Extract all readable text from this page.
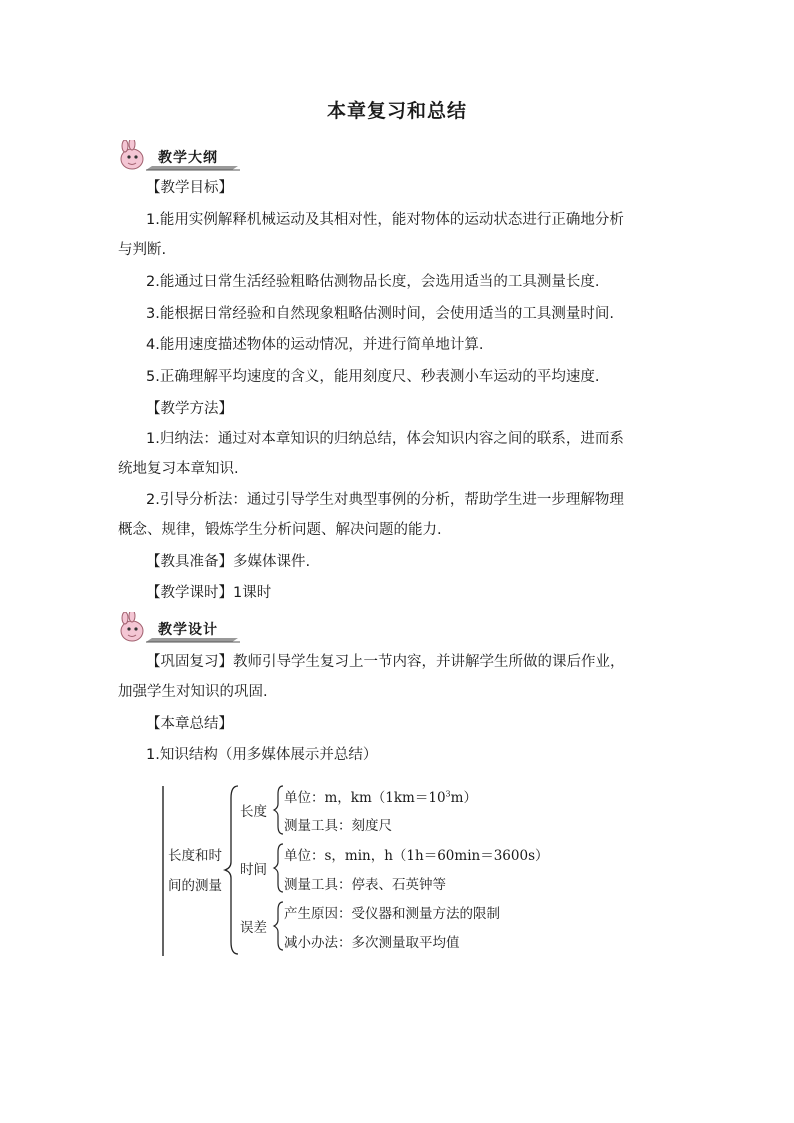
本章复习和总结
教学大纲
【教学目标】
1.能用实例解释机械运动及其相对性，能对物体的运动状态进行正确地分析
与判断.
2.能通过日常生活经验粗略估测物品长度，会选用适当的工具测量长度.
3.能根据日常经验和自然现象粗略估测时间，会使用适当的工具测量时间.
4.能用速度描述物体的运动情况，并进行简单地计算.
5.正确理解平均速度的含义，能用刻度尺、秒表测小车运动的平均速度.
【教学方法】
1.归纳法：通过对本章知识的归纳总结，体会知识内容之间的联系，进而系
统地复习本章知识.
2.引导分析法：通过引导学生对典型事例的分析，帮助学生进一步理解物理
概念、规律，锻炼学生分析问题、解决问题的能力.
【教具准备】多媒体课件.
【教学课时】1课时
教学设计
【巩固复习】教师引导学生复习上一节内容，并讲解学生所做的课后作业，
加强学生对知识的巩固.
【本章总结】
1.知识结构（用多媒体展示并总结）
长度和时
间的测量
长度
单位：m，$km(1km=10^3m)$
测量工具：刻度尺
时间
单位：s，min，h（1h＝60min＝3600s）
测量工具：停表、石英钟等
误差
产生原因：受仪器和测量方法的限制
减小办法：多次测量取平均值
